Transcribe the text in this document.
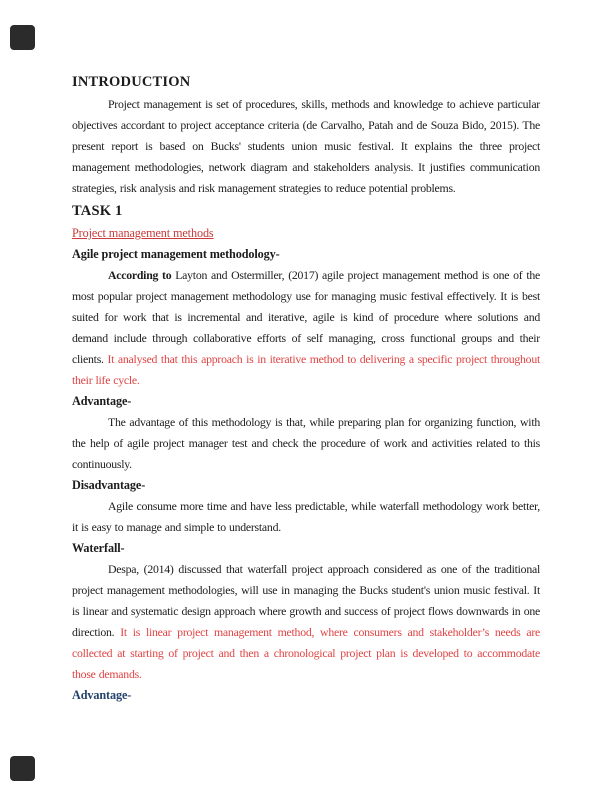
INTRODUCTION

Project management is set of procedures, skills, methods and knowledge to achieve particular objectives accordant to project acceptance criteria (de Carvalho, Patah and de Souza Bido, 2015). The present report is based on Bucks' students union music festival. It explains the three project management methodologies, network diagram and stakeholders analysis. It justifies communication strategies, risk analysis and risk management strategies to reduce potential problems.

TASK 1
Project management methods
Agile project management methodology-

According to Layton and Ostermiller, (2017) agile project management method is one of the most popular project management methodology use for managing music festival effectively. It is best suited for work that is incremental and iterative, agile is kind of procedure where solutions and demand include through collaborative efforts of self managing, cross functional groups and their clients. It analysed that this approach is in iterative method to delivering a specific project throughout their life cycle.

Advantage-

The advantage of this methodology is that, while preparing plan for organizing function, with the help of agile project manager test and check the procedure of work and activities related to this continuously.

Disadvantage-

Agile consume more time and have less predictable, while waterfall methodology work better, it is easy to manage and simple to understand.

Waterfall-

Despa, (2014) discussed that waterfall project approach considered as one of the traditional project management methodologies, will use in managing the Bucks student's union music festival. It is linear and systematic design approach where growth and success of project flows downwards in one direction. It is linear project management method, where consumers and stakeholder’s needs are collected at starting of project and then a chronological project plan is developed to accommodate those demands.

Advantage-
